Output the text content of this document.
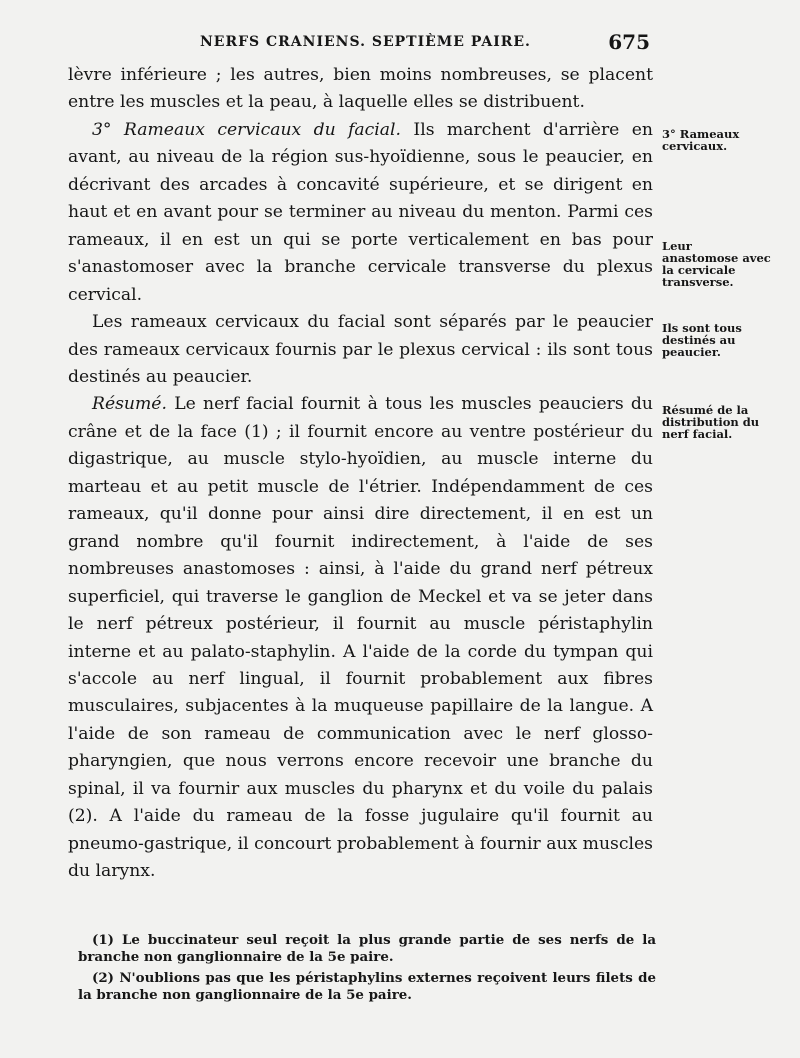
NERFS CRANIENS. SEPTIÈME PAIRE.	675

lèvre inférieure ; les autres, bien moins nombreuses, se placent entre les muscles et la peau, à laquelle elles se distribuent.

3° Rameaux cervicaux du facial. Ils marchent d'arrière en avant, au niveau de la région sus-hyoïdienne, sous le peaucier, en décrivant des arcades à concavité supérieure, et se dirigent en haut et en avant pour se terminer au niveau du menton. Parmi ces rameaux, il en est un qui se porte verticalement en bas pour s'anastomoser avec la branche cervicale transverse du plexus cervical.

Les rameaux cervicaux du facial sont séparés par le peaucier des rameaux cervicaux fournis par le plexus cervical : ils sont tous destinés au peaucier.

Résumé. Le nerf facial fournit à tous les muscles peauciers du crâne et de la face (1) ; il fournit encore au ventre postérieur du digastrique, au muscle stylo-hyoïdien, au muscle interne du marteau et au petit muscle de l'étrier. Indépendamment de ces rameaux, qu'il donne pour ainsi dire directement, il en est un grand nombre qu'il fournit indirectement, à l'aide de ses nombreuses anastomoses : ainsi, à l'aide du grand nerf pétreux superficiel, qui traverse le ganglion de Meckel et va se jeter dans le nerf pétreux postérieur, il fournit au muscle péristaphylin interne et au palato-staphylin. A l'aide de la corde du tympan qui s'accole au nerf lingual, il fournit probablement aux fibres musculaires, subjacentes à la muqueuse papillaire de la langue. A l'aide de son rameau de communication avec le nerf glosso-pharyngien, que nous verrons encore recevoir une branche du spinal, il va fournir aux muscles du pharynx et du voile du palais (2). A l'aide du rameau de la fosse jugulaire qu'il fournit au pneumo-gastrique, il concourt probablement à fournir aux muscles du larynx.

3° Rameaux cervicaux.
Leur anastomose avec la cervicale transverse.
Ils sont tous destinés au peaucier.
Résumé de la distribution du nerf facial.

(1) Le buccinateur seul reçoit la plus grande partie de ses nerfs de la branche non ganglionnaire de la 5e paire.

(2) N'oublions pas que les péristaphylins externes reçoivent leurs filets de la branche non ganglionnaire de la 5e paire.
